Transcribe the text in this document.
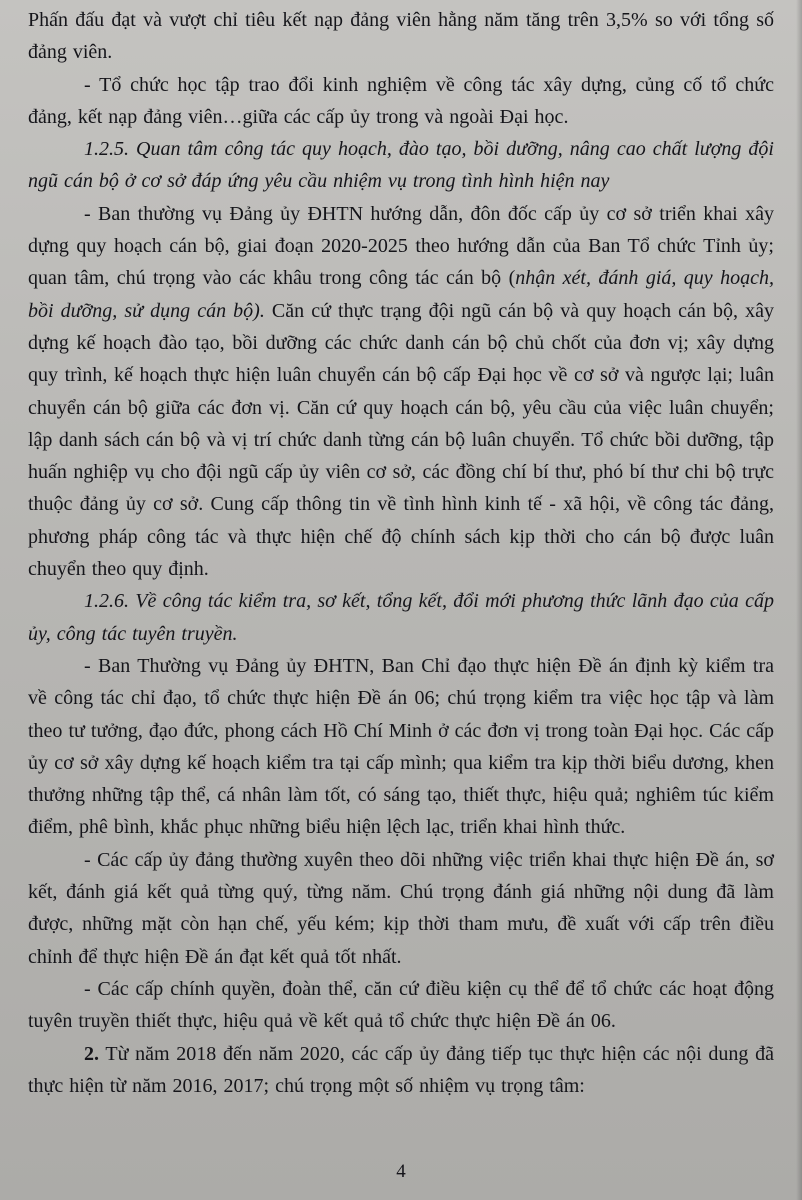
Phấn đấu đạt và vượt chỉ tiêu kết nạp đảng viên hằng năm tăng trên 3,5% so với tổng số đảng viên.

- Tổ chức học tập trao đổi kinh nghiệm về công tác xây dựng, củng cố tổ chức đảng, kết nạp đảng viên…giữa các cấp ủy trong và ngoài Đại học.

1.2.5. Quan tâm công tác quy hoạch, đào tạo, bồi dưỡng, nâng cao chất lượng đội ngũ cán bộ ở cơ sở đáp ứng yêu cầu nhiệm vụ trong tình hình hiện nay

- Ban thường vụ Đảng ủy ĐHTN hướng dẫn, đôn đốc cấp ủy cơ sở triển khai xây dựng quy hoạch cán bộ, giai đoạn 2020-2025 theo hướng dẫn của Ban Tổ chức Tỉnh ủy; quan tâm, chú trọng vào các khâu trong công tác cán bộ (nhận xét, đánh giá, quy hoạch, bồi dưỡng, sử dụng cán bộ). Căn cứ thực trạng đội ngũ cán bộ và quy hoạch cán bộ, xây dựng kế hoạch đào tạo, bồi dưỡng các chức danh cán bộ chủ chốt của đơn vị; xây dựng quy trình, kế hoạch thực hiện luân chuyển cán bộ cấp Đại học về cơ sở và ngược lại; luân chuyển cán bộ giữa các đơn vị. Căn cứ quy hoạch cán bộ, yêu cầu của việc luân chuyển; lập danh sách cán bộ và vị trí chức danh từng cán bộ luân chuyển. Tổ chức bồi dưỡng, tập huấn nghiệp vụ cho đội ngũ cấp ủy viên cơ sở, các đồng chí bí thư, phó bí thư chi bộ trực thuộc đảng ủy cơ sở. Cung cấp thông tin về tình hình kinh tế - xã hội, về công tác đảng, phương pháp công tác và thực hiện chế độ chính sách kịp thời cho cán bộ được luân chuyển theo quy định.

1.2.6. Về công tác kiểm tra, sơ kết, tổng kết, đổi mới phương thức lãnh đạo của cấp ủy, công tác tuyên truyền.

- Ban Thường vụ Đảng ủy ĐHTN, Ban Chỉ đạo thực hiện Đề án định kỳ kiểm tra về công tác chỉ đạo, tổ chức thực hiện Đề án 06; chú trọng kiểm tra việc học tập và làm theo tư tưởng, đạo đức, phong cách Hồ Chí Minh ở các đơn vị trong toàn Đại học. Các cấp ủy cơ sở xây dựng kế hoạch kiểm tra tại cấp mình; qua kiểm tra kịp thời biểu dương, khen thưởng những tập thể, cá nhân làm tốt, có sáng tạo, thiết thực, hiệu quả; nghiêm túc kiểm điểm, phê bình, khắc phục những biểu hiện lệch lạc, triển khai hình thức.

- Các cấp ủy đảng thường xuyên theo dõi những việc triển khai thực hiện Đề án, sơ kết, đánh giá kết quả từng quý, từng năm. Chú trọng đánh giá những nội dung đã làm được, những mặt còn hạn chế, yếu kém; kịp thời tham mưu, đề xuất với cấp trên điều chỉnh để thực hiện Đề án đạt kết quả tốt nhất.

- Các cấp chính quyền, đoàn thể, căn cứ điều kiện cụ thể để tổ chức các hoạt động tuyên truyền thiết thực, hiệu quả về kết quả tổ chức thực hiện Đề án 06.

2. Từ năm 2018 đến năm 2020, các cấp ủy đảng tiếp tục thực hiện các nội dung đã thực hiện từ năm 2016, 2017; chú trọng một số nhiệm vụ trọng tâm:

4
